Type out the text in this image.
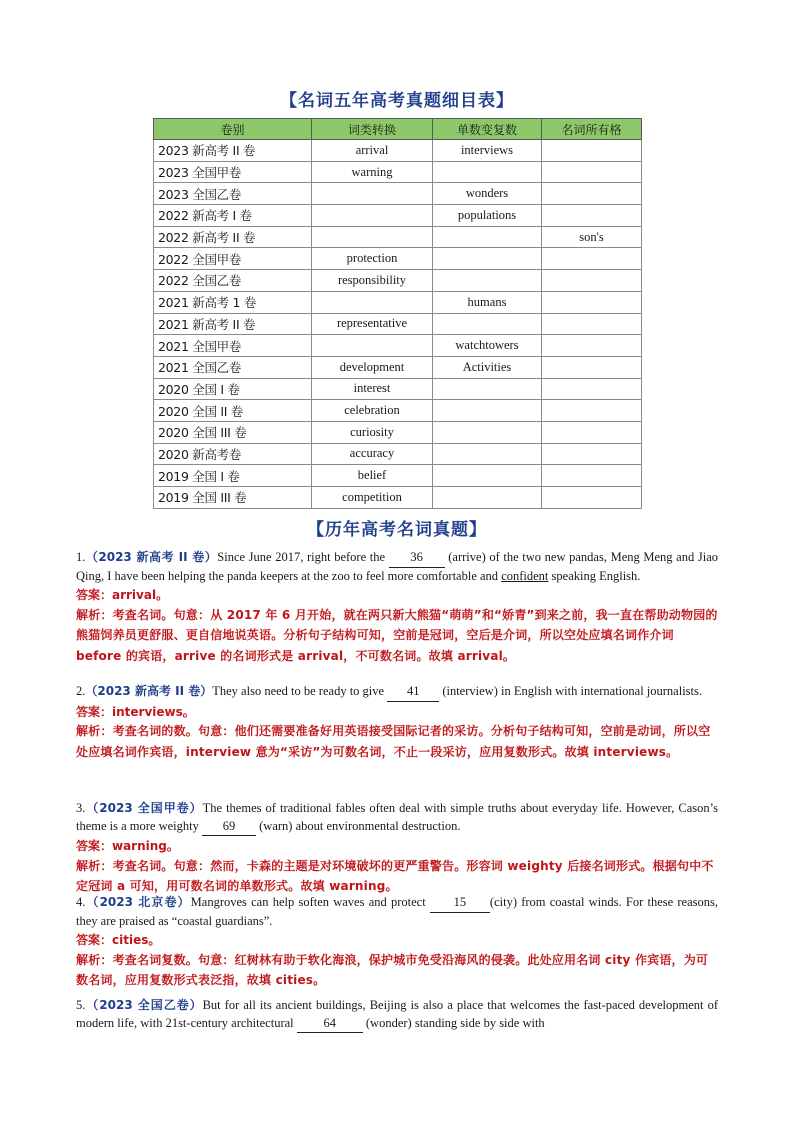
【名词五年高考真题细目表】
卷别	词类转换	单数变复数	名词所有格
2023 新高考 II 卷	arrival	interviews	
2023 全国甲卷	warning		
2023 全国乙卷		wonders	
2022 新高考 I 卷		populations	
2022 新高考 II 卷			son's
2022 全国甲卷	protection		
2022 全国乙卷	responsibility		
2021 新高考 1 卷		humans	
2021 新高考 II 卷	representative		
2021 全国甲卷		watchtowers	
2021 全国乙卷	development	Activities	
2020 全国 I 卷	interest		
2020 全国 II 卷	celebration		
2020 全国 III 卷	curiosity		
2020 新高考卷	accuracy		
2019 全国 I 卷	belief		
2019 全国 III 卷	competition		
【历年高考名词真题】
1.（2023 新高考 II 卷）Since June 2017, right before the 36 (arrive) of the two new pandas, Meng Meng and Jiao Qing, I have been helping the panda keepers at the zoo to feel more comfortable and confident speaking English.
答案：arrival。
解析：考查名词。句意：从 2017 年 6 月开始，就在两只新大熊猫“萌萌”和“娇青”到来之前，我一直在帮助动物园的熊猫饲养员更舒服、更自信地说英语。分析句子结构可知，空前是冠词，空后是介词，所以空处应填名词作介词 before 的宾语，arrive 的名词形式是 arrival，不可数名词。故填 arrival。
2.（2023 新高考 II 卷）They also need to be ready to give 41 (interview) in English with international journalists.
答案：interviews。
解析：考查名词的数。句意：他们还需要准备好用英语接受国际记者的采访。分析句子结构可知，空前是动词，所以空处应填名词作宾语，interview 意为“采访”为可数名词，不止一段采访，应用复数形式。故填 interviews。
3.（2023 全国甲卷）The themes of traditional fables often deal with simple truths about everyday life. However, Cason’s theme is a more weighty 69 (warn) about environmental destruction.
答案：warning。
解析：考查名词。句意：然而，卡森的主题是对环境破坏的更严重警告。形容词 weighty 后接名词形式。根据句中不定冠词 a 可知，用可数名词的单数形式。故填 warning。
4.（2023 北京卷）Mangroves can help soften waves and protect 15 (city) from coastal winds. For these reasons, they are praised as “coastal guardians”.
答案：cities。
解析：考查名词复数。句意：红树林有助于软化海浪，保护城市免受沿海风的侵袭。此处应用名词 city 作宾语，为可数名词，应用复数形式表泛指，故填 cities。
5.（2023 全国乙卷）But for all its ancient buildings, Beijing is also a place that welcomes the fast-paced development of modern life, with 21st-century architectural 64 (wonder) standing side by side with
